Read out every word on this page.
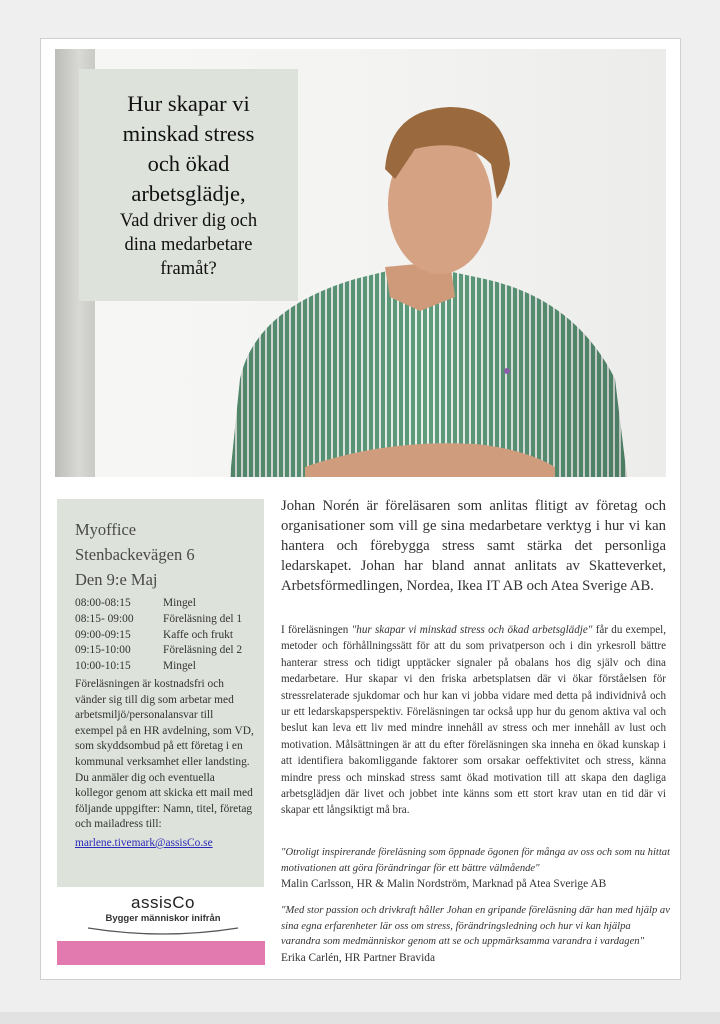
Hur skapar vi
minskad stress
och ökad
arbetsglädje,
Vad driver dig och
dina medarbetare
framåt?
Myoffice
Stenbackevägen 6
Den 9:e Maj
08:00-08:15	Mingel
08:15- 09:00	Föreläsning del 1
09:00-09:15	Kaffe och frukt
09:15-10:00	Föreläsning del 2
10:00-10:15	Mingel
Föreläsningen är kostnadsfri och vänder sig till dig som arbetar med arbetsmiljö/personalansvar till exempel på en HR avdelning, som VD, som skyddsombud på ett företag i en kommunal verksamhet eller landsting. Du anmäler dig och eventuella kollegor genom att skicka ett mail med följande uppgifter: Namn, titel, företag och mailadress till:
marlene.tivemark@assisCo.se
assisCo
Bygger människor inifrån
Johan Norén är föreläsaren som anlitas flitigt av företag och organisationer som vill ge sina medarbetare verktyg i hur vi kan hantera och förebygga stress samt stärka det personliga ledarskapet. Johan har bland annat anlitats av Skatteverket, Arbetsförmedlingen, Nordea, Ikea IT AB och Atea Sverige AB.
I föreläsningen "hur skapar vi minskad stress och ökad arbetsglädje" får du exempel, metoder och förhållningssätt för att du som privatperson och i din yrkesroll bättre hanterar stress och tidigt upptäcker signaler på obalans hos dig själv och dina medarbetare. Hur skapar vi den friska arbetsplatsen där vi ökar förståelsen för stressrelaterade sjukdomar och hur kan vi jobba vidare med detta på individnivå och ur ett ledarskapsperspektiv. Föreläsningen tar också upp hur du genom aktiva val och beslut kan leva ett liv med mindre innehåll av stress och mer innehåll av lust och motivation. Målsättningen är att du efter föreläsningen ska inneha en ökad kunskap i att identifiera bakomliggande faktorer som orsakar oeffektivitet och stress, känna mindre press och minskad stress samt ökad motivation till att skapa den dagliga arbetsglädjen där livet och jobbet inte känns som ett stort krav utan en tid där vi skapar ett långsiktigt må bra.
"Otroligt inspirerande föreläsning som öppnade ögonen för många av oss och som nu hittat motivationen att göra förändringar för ett bättre välmående"
Malin Carlsson, HR & Malin Nordström, Marknad på Atea Sverige AB
"Med stor passion och drivkraft håller Johan en gripande föreläsning där han med hjälp av sina egna erfarenheter lär oss om stress, förändringsledning och hur vi kan hjälpa varandra som medmänniskor genom att se och uppmärksamma varandra i vardagen"
Erika Carlén, HR Partner Bravida
